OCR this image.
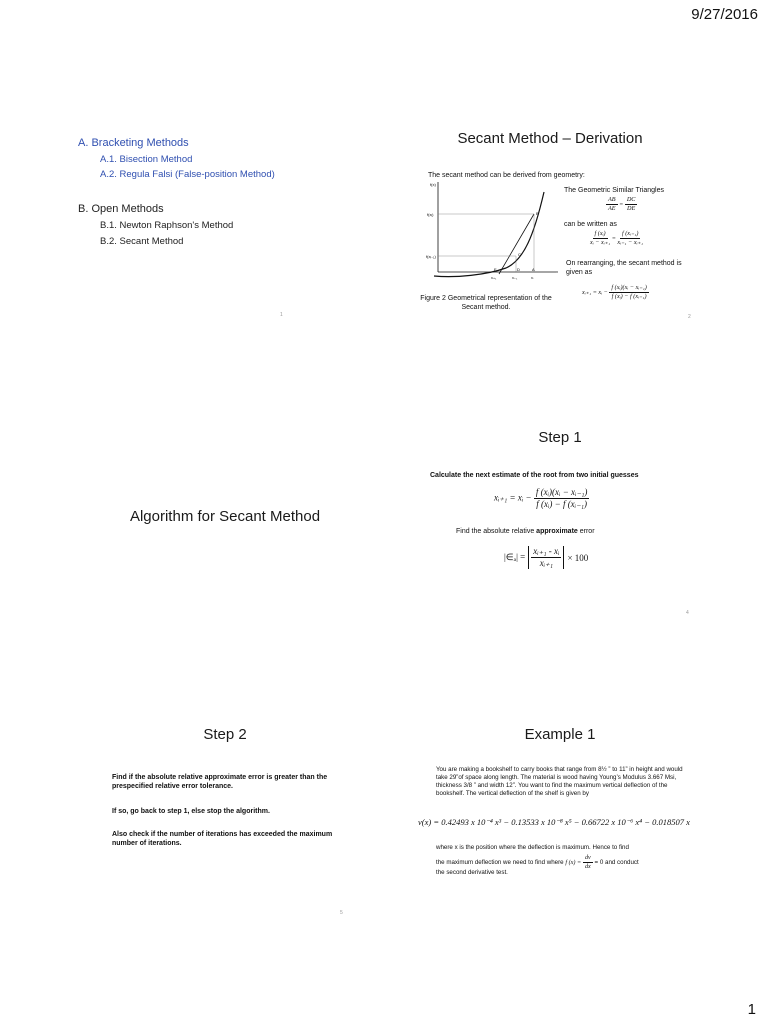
9/27/2016
1
A. Bracketing Methods
A.1. Bisection Method
A.2. Regula Falsi (False-position Method)
B. Open Methods
B.1. Newton Raphson's Method
B.2. Secant Method
1
Secant Method – Derivation
The secant method can be derived from geometry:
f(x)
f(xᵢ)
f(xᵢ₋₁)
x
B
C
D
E	A
xᵢ₊₁	xᵢ₋₁	xᵢ
The Geometric Similar Triangles
$\frac{AB}{AE} = \frac{DC}{DE}$
can be written as
$\frac{\text{f (xᵢ)}}{\text{xᵢ − xᵢ₊₁}} = \frac{\text{f (xᵢ₋₁)}}{\text{xᵢ₋₁ − xᵢ₊₁}}$
On rearranging, the secant method is given as
xᵢ₊₁ = xᵢ − $\frac{\text{f (xᵢ)(xᵢ − xᵢ₋₁)}}{\text{f (xᵢ) − f (xᵢ₋₁)}}$
Figure 2 Geometrical representation of the Secant method.
2
Algorithm for Secant Method
Step 1
Calculate the next estimate of the root from two initial guesses
xᵢ₊₁ = xᵢ − $\frac{\text{f (xᵢ)(xᵢ − xᵢ₋₁)}}{\text{f (xᵢ) − f (xᵢ₋₁)}}$
Find the absolute relative approximate error
|∈ₐ| = $\frac{\text{xᵢ₊₁ - xᵢ}}{\text{xᵢ₊₁}} \times 100$
4
Step 2
Find if the absolute relative approximate error is greater than the prespecified relative error tolerance.
If so, go back to step 1, else stop the algorithm.
Also check if the number of iterations has exceeded the maximum number of iterations.
5
Example 1
You are making a bookshelf to carry books that range from 8½ ” to 11” in height and would take 29”of space along length. The material is wood having Young’s Modulus 3.667 Msi, thickness 3/8 ” and width 12”. You want to find the maximum vertical deflection of the bookshelf. The vertical deflection of the shelf is given by
v(x) = 0.42493 x 10⁻⁴ x³ − 0.13533 x 10⁻⁸ x⁵ − 0.66722 x 10⁻⁶ x⁴ − 0.018507 x
where x is the position where the deflection is maximum. Hence to find
the maximum deflection we need to find where f $(x) = \frac{dv}{dx} = 0$ and conduct
the second derivative test.
